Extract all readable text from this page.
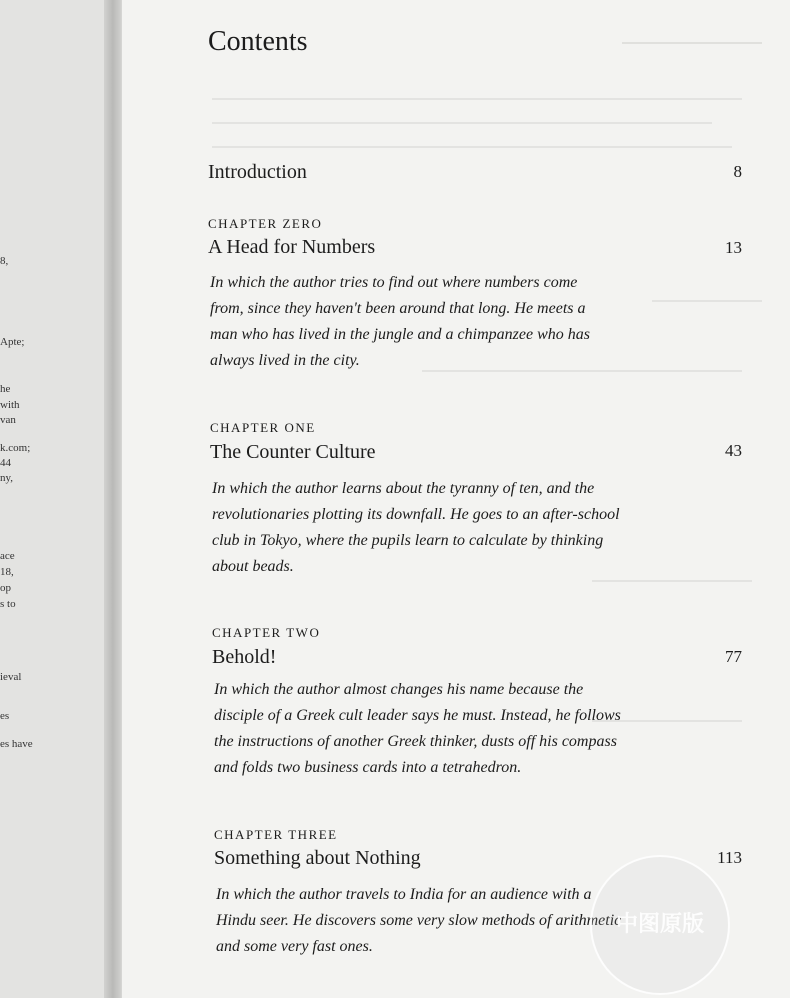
8,
Apte;
he
with
van
k.com;
44
ny,
ace
18,
op
s to
ieval
es
es have
Contents
Introduction	8
CHAPTER ZERO
A Head for Numbers	13
In which the author tries to find out where numbers come
from, since they haven't been around that long. He meets a
man who has lived in the jungle and a chimpanzee who has
always lived in the city.
CHAPTER ONE
The Counter Culture	43
In which the author learns about the tyranny of ten, and the
revolutionaries plotting its downfall. He goes to an after-school
club in Tokyo, where the pupils learn to calculate by thinking
about beads.
CHAPTER TWO
Behold!	77
In which the author almost changes his name because the
disciple of a Greek cult leader says he must. Instead, he follows
the instructions of another Greek thinker, dusts off his compass
and folds two business cards into a tetrahedron.
CHAPTER THREE
Something about Nothing	113
In which the author travels to India for an audience with a
Hindu seer. He discovers some very slow methods of arithmetic
and some very fast ones.
中图原版
